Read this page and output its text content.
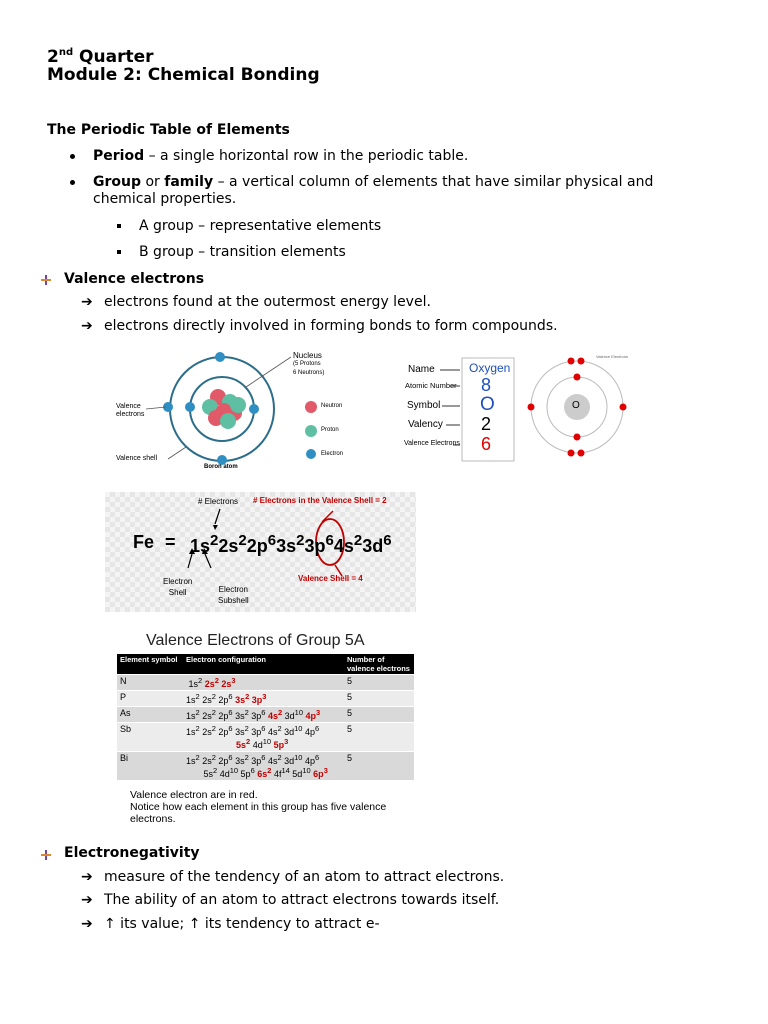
2nd Quarter
Module 2: Chemical Bonding
The Periodic Table of Elements
Period – a single horizontal row in the periodic table.
Group or family – a vertical column of elements that have similar physical and
chemical properties.
A group – representative elements
B group – transition elements
Valence electrons
➔ electrons found at the outermost energy level.
➔ electrons directly involved in forming bonds to form compounds.
Nucleus
(5 Protons
6 Neutrons)
Valence
electrons
Valence shell
Boron atom
Neutron
Proton
Electron
Name
Atomic Number
Symbol
Valency
Valence Electrons
Oxygen
8
O
2
6
O
Valence Electrons
# Electrons # Electrons in the Valence Shell = 2
$Fe = 1s^22s^22p^63s^23p^64s^23d^6$
Electron
Shell	Electron
Subshell
Valence Shell = 4
Valence Electrons of Group 5A
Element symbol	Electron configuration	Number of valence electrons
N	$1s^2$ $2s^2$ $2s^3$	5
P	$1s^2$ $2s^2$ $2p^6$ $3s^2$ $3p^3$	5
As	$1s^2$ $2s^2$ $2p^6$ $3s^2$ $3p^6$ $4s^2$ $3d^{10}$ $4p^3$	5
Sb	$1s^2$ $2s^2$ $2p^6$ $3s^2$ $3p^6$ $4s^2$ $3d^{10}$ $4p^6$
$5s^2$ $4d^{10}$ $5p^3$	5
Bi	$1s^2$ $2s^2$ $2p^6$ $3s^2$ $3p^6$ $4s^2$ $3d^{10}$ $4p^6$
$5s^2$ $4d^{10}$ $5p^6$ $6s^2$ $4f^{14}$ $5d^{10}$ $6p^3$	5
Valence electron are in red.
Notice how each element in this group has five valence
electrons.
Electronegativity
➔ measure of the tendency of an atom to attract electrons.
➔ The ability of an atom to attract electrons towards itself.
➔ ↑ its value; ↑ its tendency to attract e-
